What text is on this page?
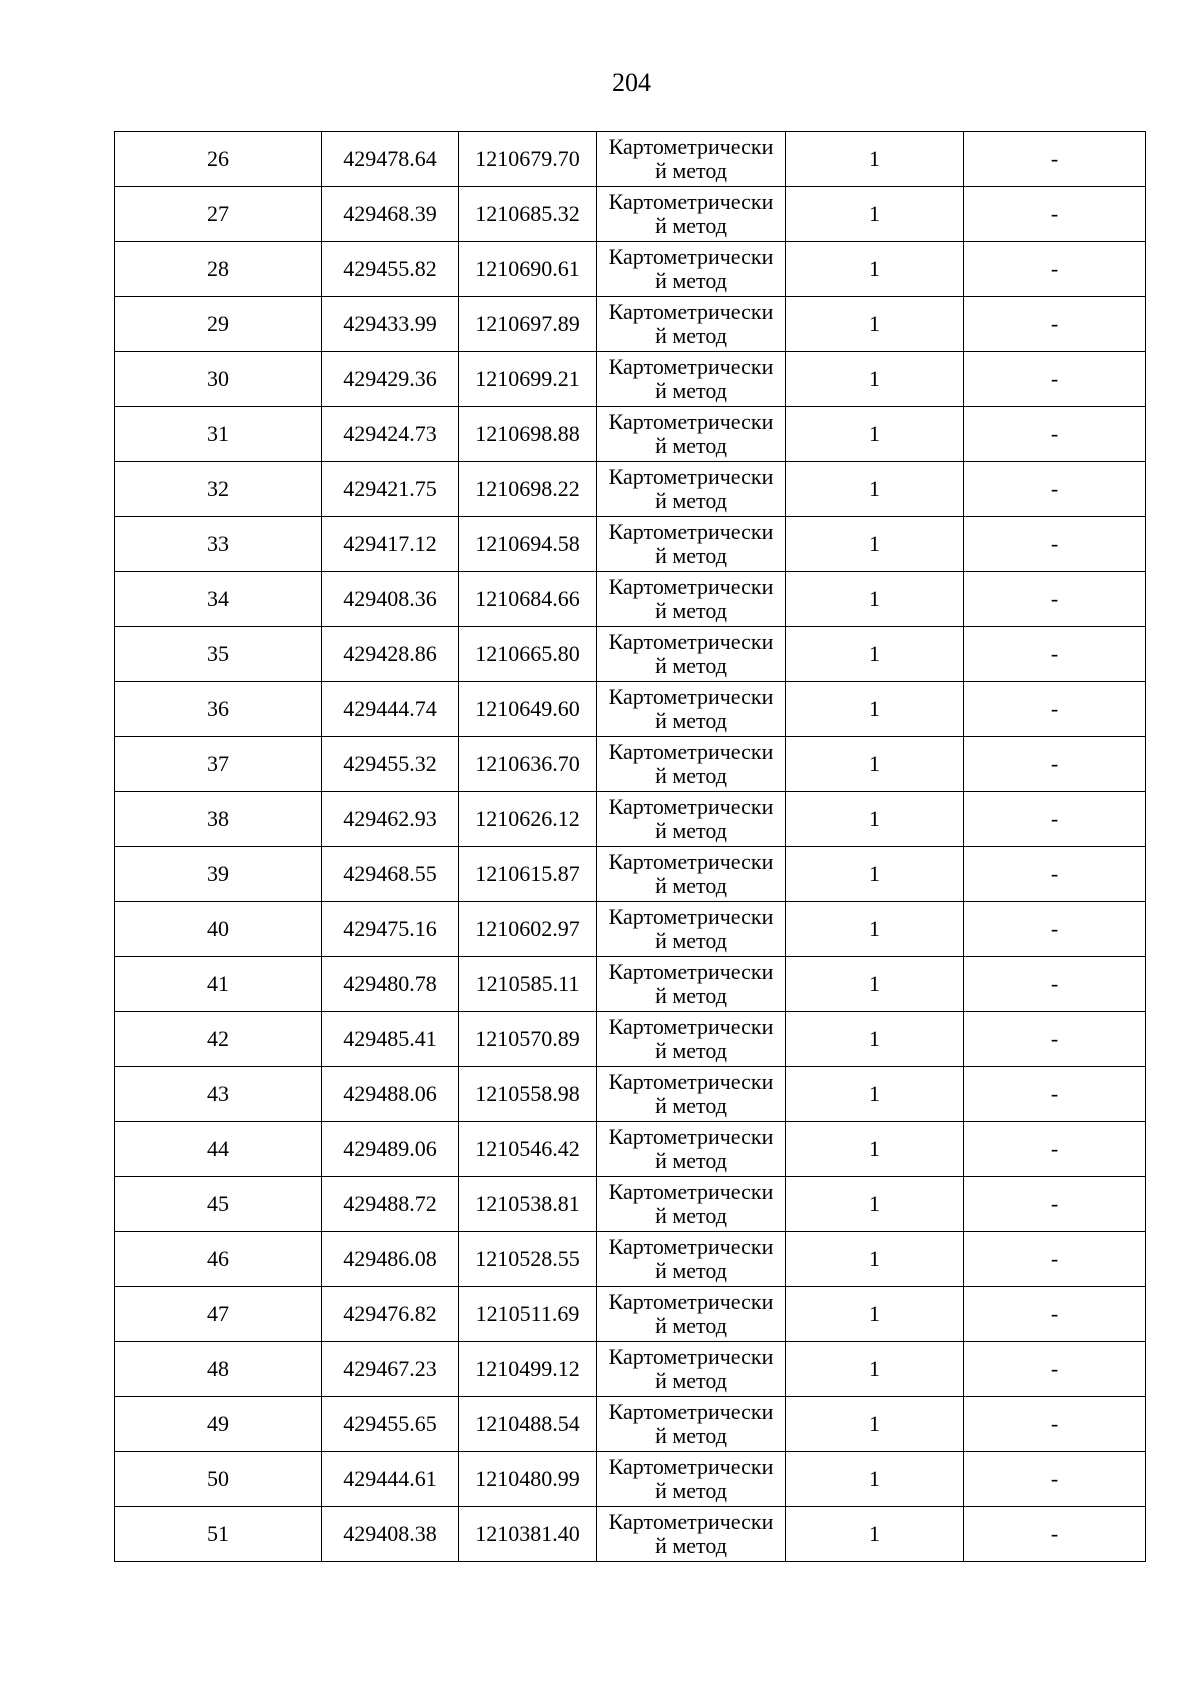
204
26	429478.64	1210679.70	Картометрически
й метод	1	-
27	429468.39	1210685.32	Картометрически
й метод	1	-
28	429455.82	1210690.61	Картометрически
й метод	1	-
29	429433.99	1210697.89	Картометрически
й метод	1	-
30	429429.36	1210699.21	Картометрически
й метод	1	-
31	429424.73	1210698.88	Картометрически
й метод	1	-
32	429421.75	1210698.22	Картометрически
й метод	1	-
33	429417.12	1210694.58	Картометрически
й метод	1	-
34	429408.36	1210684.66	Картометрически
й метод	1	-
35	429428.86	1210665.80	Картометрически
й метод	1	-
36	429444.74	1210649.60	Картометрически
й метод	1	-
37	429455.32	1210636.70	Картометрически
й метод	1	-
38	429462.93	1210626.12	Картометрически
й метод	1	-
39	429468.55	1210615.87	Картометрически
й метод	1	-
40	429475.16	1210602.97	Картометрически
й метод	1	-
41	429480.78	1210585.11	Картометрически
й метод	1	-
42	429485.41	1210570.89	Картометрически
й метод	1	-
43	429488.06	1210558.98	Картометрически
й метод	1	-
44	429489.06	1210546.42	Картометрически
й метод	1	-
45	429488.72	1210538.81	Картометрически
й метод	1	-
46	429486.08	1210528.55	Картометрически
й метод	1	-
47	429476.82	1210511.69	Картометрически
й метод	1	-
48	429467.23	1210499.12	Картометрически
й метод	1	-
49	429455.65	1210488.54	Картометрически
й метод	1	-
50	429444.61	1210480.99	Картометрически
й метод	1	-
51	429408.38	1210381.40	Картометрически
й метод	1	-
